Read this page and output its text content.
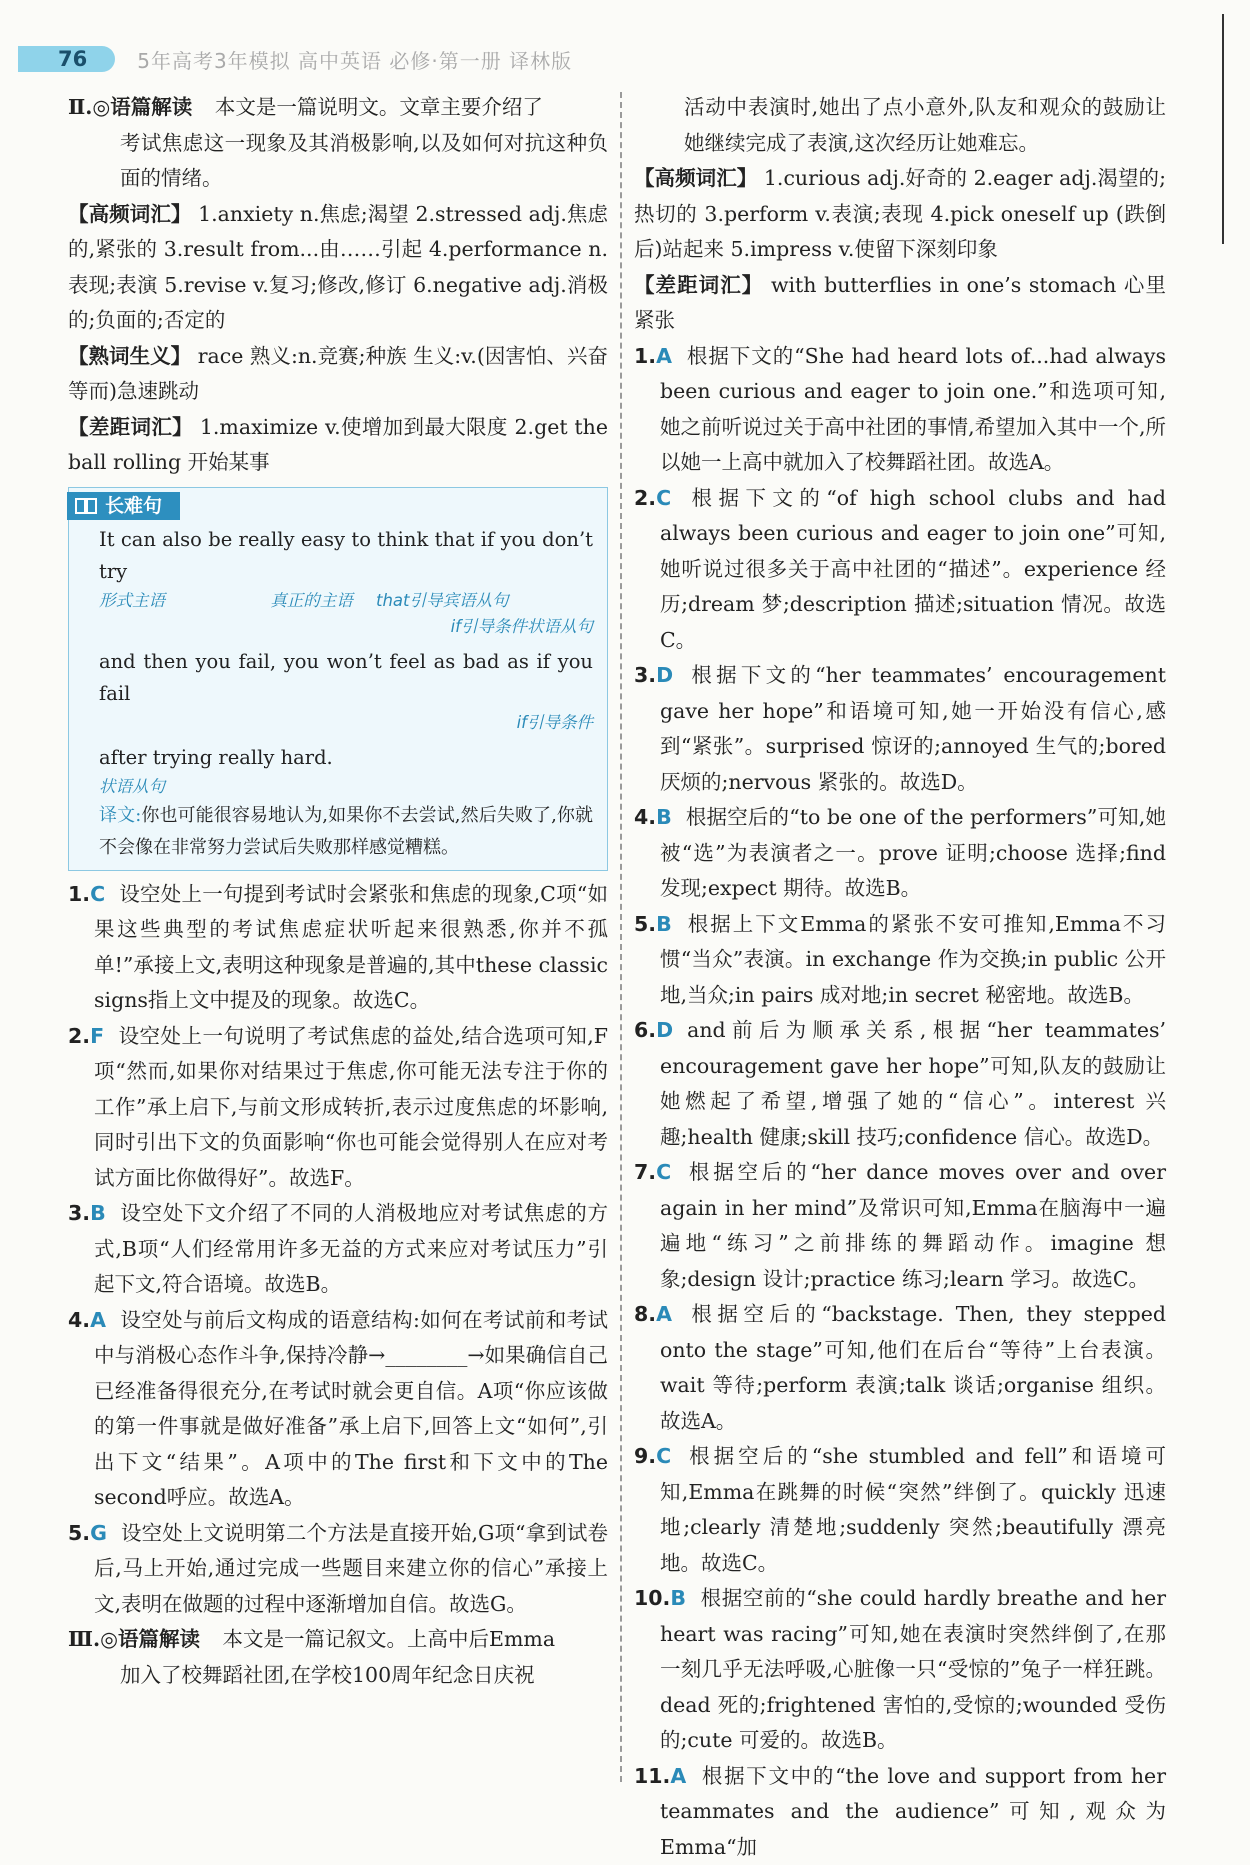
76	5年高考3年模拟 高中英语 必修·第一册 译林版

Ⅱ.◎语篇解读 本文是一篇说明文。文章主要介绍了

考试焦虑这一现象及其消极影响,以及如何对抗这种负面的情绪。

【高频词汇】 1.anxiety n.焦虑;渴望 2.stressed adj.焦虑的,紧张的 3.result from...由……引起 4.performance n.表现;表演 5.revise v.复习;修改,修订 6.negative adj.消极的;负面的;否定的

【熟词生义】 race 熟义:n.竞赛;种族 生义:v.(因害怕、兴奋等而)急速跳动

【差距词汇】 1.maximize v.使增加到最大限度 2.get the ball rolling 开始某事

长难句
It can also be really easy to think that if you don’t try
形式主语	真正的主语 that引导宾语从句
if引导条件状语从句
and then you fail, you won’t feel as bad as if you fail
if引导条件
after trying really hard.
状语从句
译文:你也可能很容易地认为,如果你不去尝试,然后失败了,你就不会像在非常努力尝试后失败那样感觉糟糕。

1.C 设空处上一句提到考试时会紧张和焦虑的现象,C项“如果这些典型的考试焦虑症状听起来很熟悉,你并不孤单!”承接上文,表明这种现象是普遍的,其中these classic signs指上文中提及的现象。故选C。

2.F 设空处上一句说明了考试焦虑的益处,结合选项可知,F项“然而,如果你对结果过于焦虑,你可能无法专注于你的工作”承上启下,与前文形成转折,表示过度焦虑的坏影响,同时引出下文的负面影响“你也可能会觉得别人在应对考试方面比你做得好”。故选F。

3.B 设空处下文介绍了不同的人消极地应对考试焦虑的方式,B项“人们经常用许多无益的方式来应对考试压力”引起下文,符合语境。故选B。

4.A 设空处与前后文构成的语意结构:如何在考试前和考试中与消极心态作斗争,保持冷静→________→如果确信自己已经准备得很充分,在考试时就会更自信。A项“你应该做的第一件事就是做好准备”承上启下,回答上文“如何”,引出下文“结果”。A项中的The first和下文中的The second呼应。故选A。

5.G 设空处上文说明第二个方法是直接开始,G项“拿到试卷后,马上开始,通过完成一些题目来建立你的信心”承接上文,表明在做题的过程中逐渐增加自信。故选G。

Ⅲ.◎语篇解读 本文是一篇记叙文。上高中后Emma

加入了校舞蹈社团,在学校100周年纪念日庆祝

活动中表演时,她出了点小意外,队友和观众的鼓励让她继续完成了表演,这次经历让她难忘。

【高频词汇】 1.curious adj.好奇的 2.eager adj.渴望的;热切的 3.perform v.表演;表现 4.pick oneself up (跌倒后)站起来 5.impress v.使留下深刻印象

【差距词汇】 with butterflies in one’s stomach 心里紧张

1.A 根据下文的“She had heard lots of...had always been curious and eager to join one.”和选项可知,她之前听说过关于高中社团的事情,希望加入其中一个,所以她一上高中就加入了校舞蹈社团。故选A。

2.C 根据下文的“of high school clubs and had always been curious and eager to join one”可知,她听说过很多关于高中社团的“描述”。experience 经历;dream 梦;description 描述;situation 情况。故选C。

3.D 根据下文的“her teammates’ encouragement gave her hope”和语境可知,她一开始没有信心,感到“紧张”。surprised 惊讶的;annoyed 生气的;bored 厌烦的;nervous 紧张的。故选D。

4.B 根据空后的“to be one of the performers”可知,她被“选”为表演者之一。prove 证明;choose 选择;find 发现;expect 期待。故选B。

5.B 根据上下文Emma的紧张不安可推知,Emma不习惯“当众”表演。in exchange 作为交换;in public 公开地,当众;in pairs 成对地;in secret 秘密地。故选B。

6.D and前后为顺承关系,根据“her teammates’ encouragement gave her hope”可知,队友的鼓励让她燃起了希望,增强了她的“信心”。interest 兴趣;health 健康;skill 技巧;confidence 信心。故选D。

7.C 根据空后的“her dance moves over and over again in her mind”及常识可知,Emma在脑海中一遍遍地“练习”之前排练的舞蹈动作。imagine 想象;design 设计;practice 练习;learn 学习。故选C。

8.A 根据空后的“backstage. Then, they stepped onto the stage”可知,他们在后台“等待”上台表演。wait 等待;perform 表演;talk 谈话;organise 组织。故选A。

9.C 根据空后的“she stumbled and fell”和语境可知,Emma在跳舞的时候“突然”绊倒了。quickly 迅速地;clearly 清楚地;suddenly 突然;beautifully 漂亮地。故选C。

10.B 根据空前的“she could hardly breathe and her heart was racing”可知,她在表演时突然绊倒了,在那一刻几乎无法呼吸,心脏像一只“受惊的”兔子一样狂跳。dead 死的;frightened 害怕的,受惊的;wounded 受伤的;cute 可爱的。故选B。

11.A 根据下文中的“the love and support from her teammates and the audience”可知,观众为Emma“加
